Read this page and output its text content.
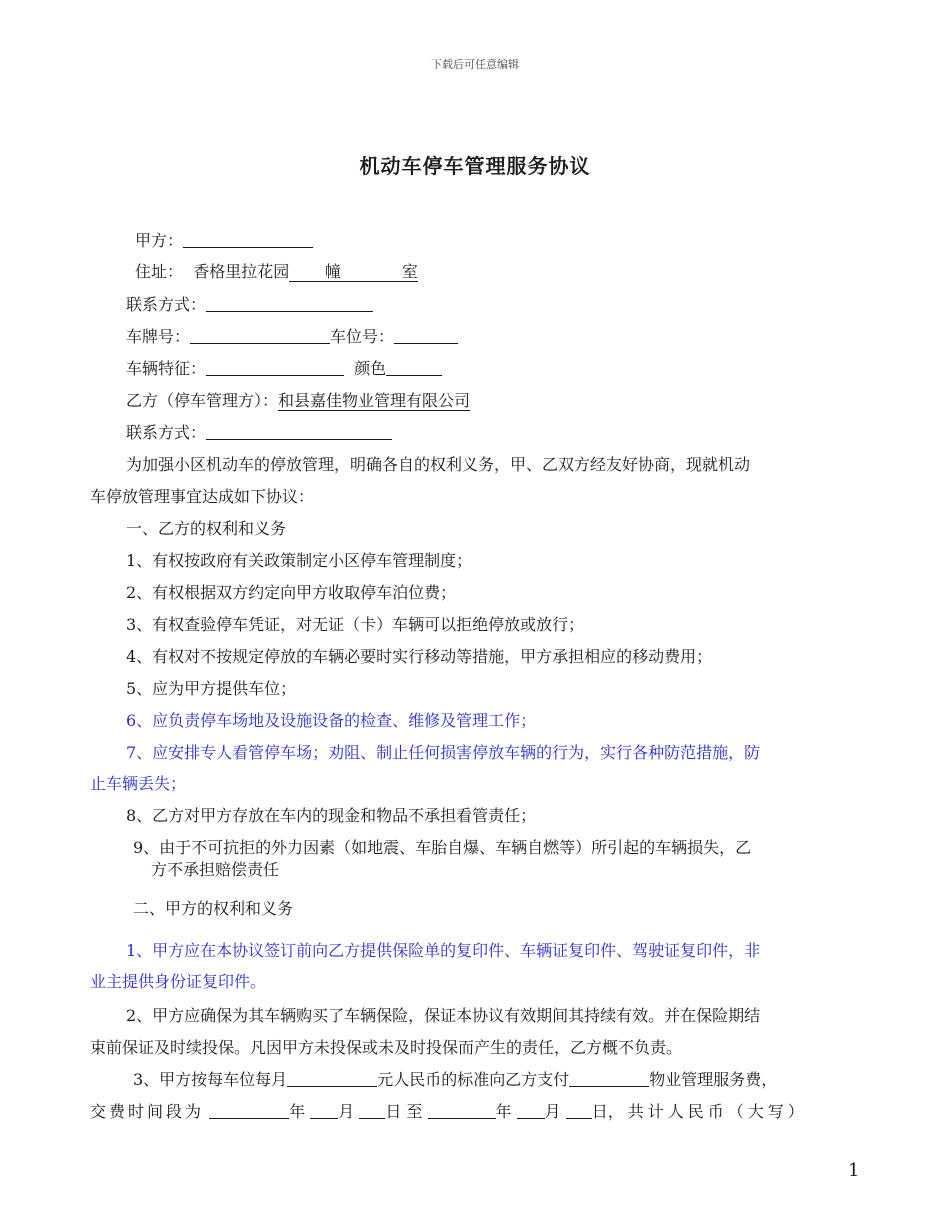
下载后可任意编辑
机动车停车管理服务协议
甲方：
住址： 香格里拉花园 幢	室
联系方式：
车牌号：	车位号：
车辆特征：	颜色
乙方（停车管理方）：和县嘉佳物业管理有限公司
联系方式：
为加强小区机动车的停放管理，明确各自的权利义务，甲、乙双方经友好协商，现就机动
车停放管理事宜达成如下协议：
一、乙方的权利和义务
1、有权按政府有关政策制定小区停车管理制度；
2、有权根据双方约定向甲方收取停车泊位费；
3、有权查验停车凭证，对无证（卡）车辆可以拒绝停放或放行；
4、有权对不按规定停放的车辆必要时实行移动等措施，甲方承担相应的移动费用；
5、应为甲方提供车位；
6、应负责停车场地及设施设备的检查、维修及管理工作；
7、应安排专人看管停车场；劝阻、制止任何损害停放车辆的行为，实行各种防范措施，防
止车辆丢失；
8、乙方对甲方存放在车内的现金和物品不承担看管责任；
9、由于不可抗拒的外力因素（如地震、车胎自爆、车辆自燃等）所引起的车辆损失，乙
方不承担赔偿责任
二、甲方的权利和义务
1、甲方应在本协议签订前向乙方提供保险单的复印件、车辆证复印件、驾驶证复印件，非
业主提供身份证复印件。
2、甲方应确保为其车辆购买了车辆保险，保证本协议有效期间其持续有效。并在保险期结
束前保证及时续投保。凡因甲方未投保或未及时投保而产生的责任，乙方概不负责。
3、甲方按每车位每月	元人民币的标准向乙方支付	物业管理服务费，
交费时间段为	年 月 日 至	年 月 日，共计人民币（大写）
1
